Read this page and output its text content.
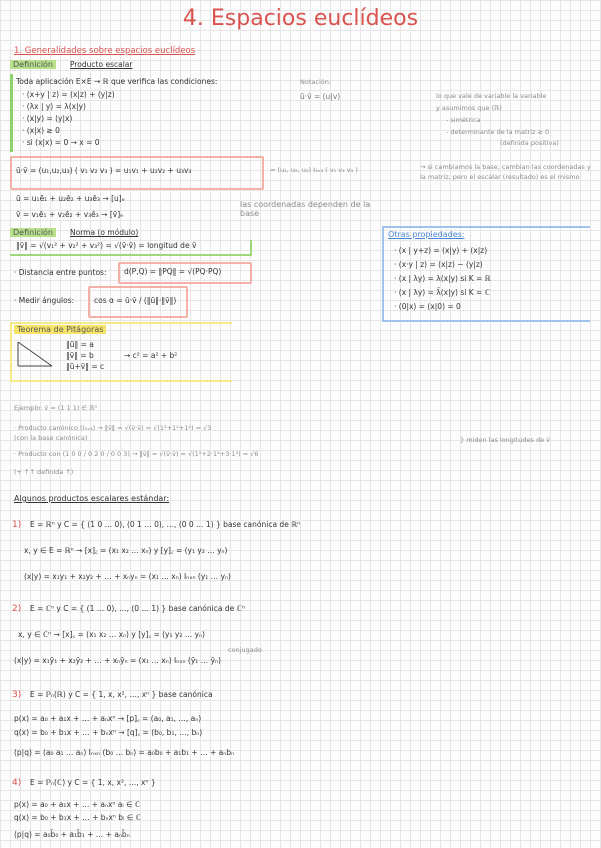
4. Espacios euclídeos
1. Generalidades sobre espacios euclídeos
Definición	Producto escalar
Toda aplicación E×E → ℝ que verifica las condiciones:
· (x+y | z) = (x|z) + (y|z)
· (λx | y) = λ(x|y)
· (x|y) = (y|x)
· (x|x) ≥ 0
· si (x|x) = 0 → x = 0
Notación:
ū·v̄ = (u|v)	lo que vale de variable la variable
y asumimos que (ℝ)
- simétrica
- determinante de la matriz ≥ 0
(definida positiva)
ū·v̄ = (u₁,u₂,u₃) ( v₁ v₂ v₃ ) = u₁v₁ + u₂v₂ + u₃v₃	= (u₁, u₂, u₃) I₃ₓ₃ ( v₁ v₂ v₃ )	→ si cambiamos la base, cambian las coordenadas y la matriz, pero el escalar (resultado) es el mismo
ū = u₁ē₁ + u₂ē₂ + u₃ē₃ → [u]ₑ
v̄ = v₁ē₁ + v₂ē₂ + v₃ē₃ → [v̄]ₑ
las coordenadas dependen de la base
Definición	Norma (o módulo)
‖v̄‖ = √(v₁² + v₂² + v₃²) = √(v̄·v̄) = longitud de v̄
· Distancia entre puntos: d(P,Q) = ‖PQ‖ = √(PQ·PQ)
· Medir ángulos:	cos α = ū·v̄ / (‖ū‖·‖v̄‖)
Otras propiedades:
· (x | y+z) = (x|y) + (x|z)
· (x·y | z) = (x|z) − (y|z)
· (x | λy) = λ(x|y) si K = ℝ
· (x | λy) = λ̄(x|y) si K = ℂ
· (0|x) = (x|0) = 0
Teorema de Pitágoras
‖ū‖ = a
‖v̄‖ = b
‖ū+v̄‖ = c
→ c² = a² + b²
Ejemplo: v̄ = (1 1 1) ∈ ℝ³
· Producto canónico (I₃ₓ₃) → ‖v̄‖ = √(v̄·v̄) = √(1²+1²+1²) = √3
(con la base canónica)
· Producto con (1 0 0 / 0 2 0 / 0 0 3) → ‖v̄‖ = √(v̄·v̄) = √(1²+2·1²+3·1²) = √6
(+ ↑↑ definida ↑)
} miden las longitudes de v̄
Algunos productos escalares estándar:
1) E = ℝⁿ y C = { (1 0 … 0), (0 1 … 0), …, (0 0 … 1) } base canónica de ℝⁿ
x, y ∈ E = ℝⁿ → [x]꜀ = (x₁ x₂ … xₙ) y [y]꜀ = (y₁ y₂ … yₙ)
(x|y) = x₁y₁ + x₂y₂ + … + xₙyₙ = (x₁ … xₙ) Iₙₓₙ (y₁ … yₙ)
2) E = ℂⁿ y C = { (1 … 0), …, (0 … 1) } base canónica de ℂⁿ
x, y ∈ ℂⁿ → [x]꜀ = (x₁ x₂ … xₙ) y [y]꜀ = (y₁ y₂ … yₙ)
conjugado
(x|y) = x₁ȳ₁ + x₂ȳ₂ + … + xₙȳₙ = (x₁ … xₙ) Iₙₓₙ (ȳ₁ … ȳₙ)
3) E = ℙₙ(ℝ) y C = { 1, x, x², …, xⁿ } base canónica
p(x) = a₀ + a₁x + … + aₙxⁿ → [p]꜀ = (a₀, a₁, …, aₙ)
q(x) = b₀ + b₁x + … + bₙxⁿ → [q]꜀ = (b₀, b₁, …, bₙ)
(p|q) = (a₀ a₁ … aₙ) Iₙₓₙ (b₀ … bₙ) = a₀b₀ + a₁b₁ + … + aₙbₙ
4) E = ℙₙ(ℂ) y C = { 1, x, x², …, xⁿ }
p(x) = a₀ + a₁x + … + aₙxⁿ aᵢ ∈ ℂ
q(x) = b₀ + b₁x + … + bₙxⁿ bᵢ ∈ ℂ
(p|q) = a₀b̄₀ + a₁b̄₁ + … + aₙb̄ₙ
